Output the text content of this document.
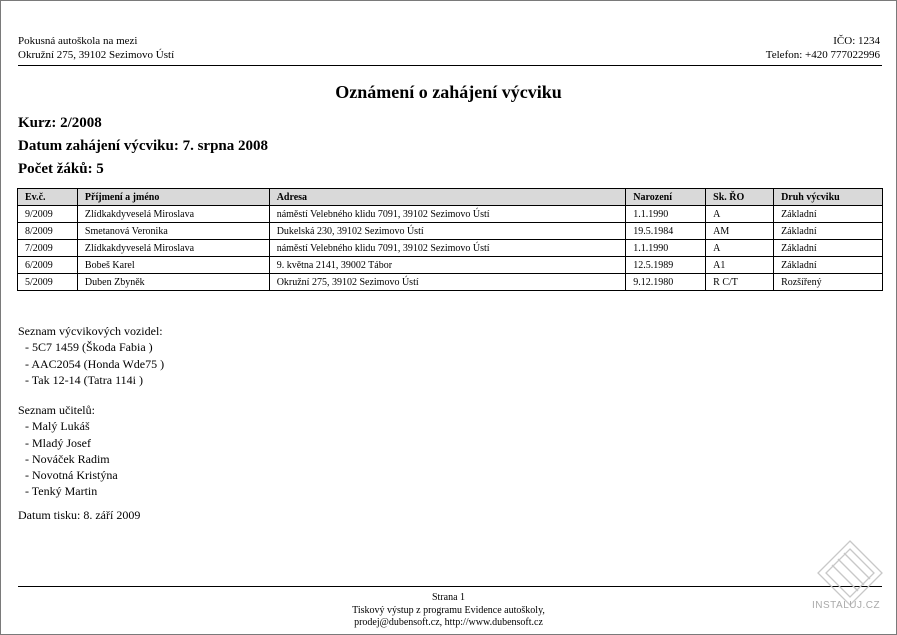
Pokusná autoškola na mezi
Okružní 275, 39102 Sezimovo Ústí
IČO: 1234
Telefon: +420 777022996
Oznámení o zahájení výcviku
Kurz: 2/2008
Datum zahájení výcviku: 7. srpna 2008
Počet žáků: 5
Ev.č.	Příjmení a jméno	Adresa	Narození	Sk. ŘO	Druh výcviku
9/2009	Zlídkakdyveselá Miroslava	náměstí Velebného klidu 7091, 39102 Sezimovo Ústí	1.1.1990	A	Základní
8/2009	Smetanová Veronika	Dukelská 230, 39102 Sezimovo Ústí	19.5.1984	AM	Základní
7/2009	Zlídkakdyveselá Miroslava	náměstí Velebného klidu 7091, 39102 Sezimovo Ústí	1.1.1990	A	Základní
6/2009	Bobeš Karel	9. května 2141, 39002 Tábor	12.5.1989	A1	Základní
5/2009	Duben Zbyněk	Okružní 275, 39102 Sezimovo Ústí	9.12.1980	R C/T	Rozšířený
Seznam výcvikových vozidel:
- 5C7 1459 (Škoda Fabia )
- AAC2054 (Honda Wde75 )
- Tak 12-14 (Tatra 114i )
Seznam učitelů:
- Malý Lukáš
- Mladý Josef
- Nováček Radim
- Novotná Kristýna
- Tenký Martin
Datum tisku: 8. září 2009
Strana 1
Tiskový výstup z programu Evidence autoškoly,
prodej@dubensoft.cz, http://www.dubensoft.cz
INSTALUJ.CZ
